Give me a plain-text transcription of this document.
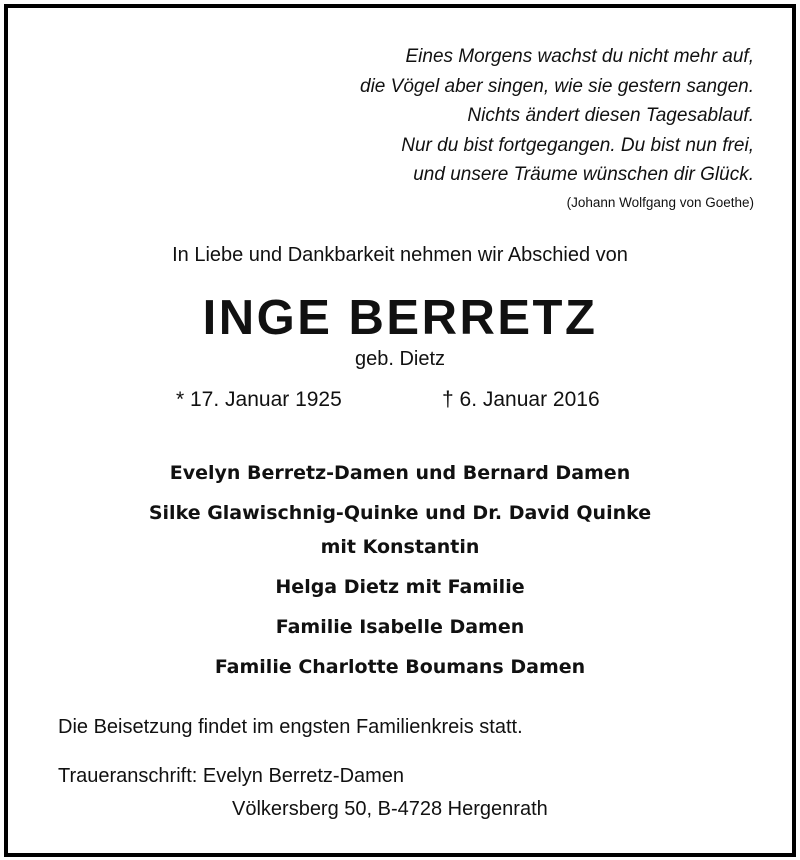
Eines Morgens wachst du nicht mehr auf,
die Vögel aber singen, wie sie gestern sangen.
Nichts ändert diesen Tagesablauf.
Nur du bist fortgegangen. Du bist nun frei,
und unsere Träume wünschen dir Glück.
(Johann Wolfgang von Goethe)
In Liebe und Dankbarkeit nehmen wir Abschied von
INGE BERRETZ
geb. Dietz
* 17. Januar 1925	† 6. Januar 2016
Evelyn Berretz-Damen und Bernard Damen
Silke Glawischnig-Quinke und Dr. David Quinke
mit Konstantin
Helga Dietz mit Familie
Familie Isabelle Damen
Familie Charlotte Boumans Damen
Die Beisetzung findet im engsten Familienkreis statt.
Traueranschrift: Evelyn Berretz-Damen
Völkersberg 50, B-4728 Hergenrath
